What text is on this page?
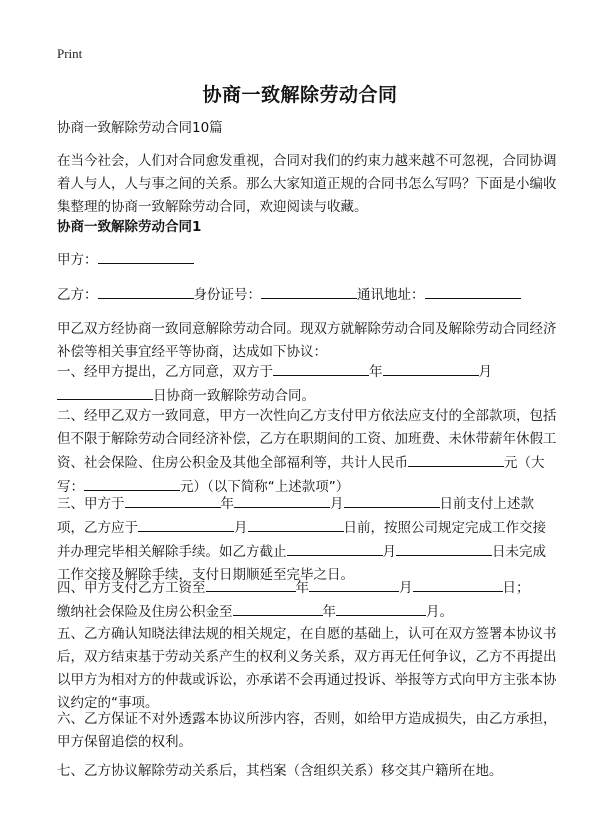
Print
协商一致解除劳动合同

协商一致解除劳动合同10篇

在当今社会，人们对合同愈发重视，合同对我们的约束力越来越不可忽视，合同协调着人与人，人与事之间的关系。那么大家知道正规的合同书怎么写吗？下面是小编收集整理的协商一致解除劳动合同，欢迎阅读与收藏。

协商一致解除劳动合同1

甲方：
乙方：	身份证号：	通讯地址：

甲乙双方经协商一致同意解除劳动合同。现双方就解除劳动合同及解除劳动合同经济补偿等相关事宜经平等协商，达成如下协议：

一、经甲方提出，乙方同意，双方于	年	月
日协商一致解除劳动合同。

二、经甲乙双方一致同意，甲方一次性向乙方支付甲方依法应支付的全部款项，包括但不限于解除劳动合同经济补偿，乙方在职期间的工资、加班费、未休带薪年休假工资、社会保险、住房公积金及其他全部福利等，共计人民币	元（大写：	元）（以下简称“上述款项”）

三、甲方于	年	月	日前支付上述款项，乙方应于	月	日前，按照公司规定完成工作交接并办理完毕相关解除手续。如乙方截止	月	日未完成工作交接及解除手续，支付日期顺延至完毕之日。

四、甲方支付乙方工资至	年	月	日；
缴纳社会保险及住房公积金至	年	月。

五、乙方确认知晓法律法规的相关规定，在自愿的基础上，认可在双方签署本协议书后，双方结束基于劳动关系产生的权利义务关系，双方再无任何争议，乙方不再提出以甲方为相对方的仲裁或诉讼，亦承诺不会再通过投诉、举报等方式向甲方主张本协议约定的“事项。

六、乙方保证不对外透露本协议所涉内容，否则，如给甲方造成损失，由乙方承担，甲方保留追偿的权利。

七、乙方协议解除劳动关系后，其档案（含组织关系）移交其户籍所在地。
